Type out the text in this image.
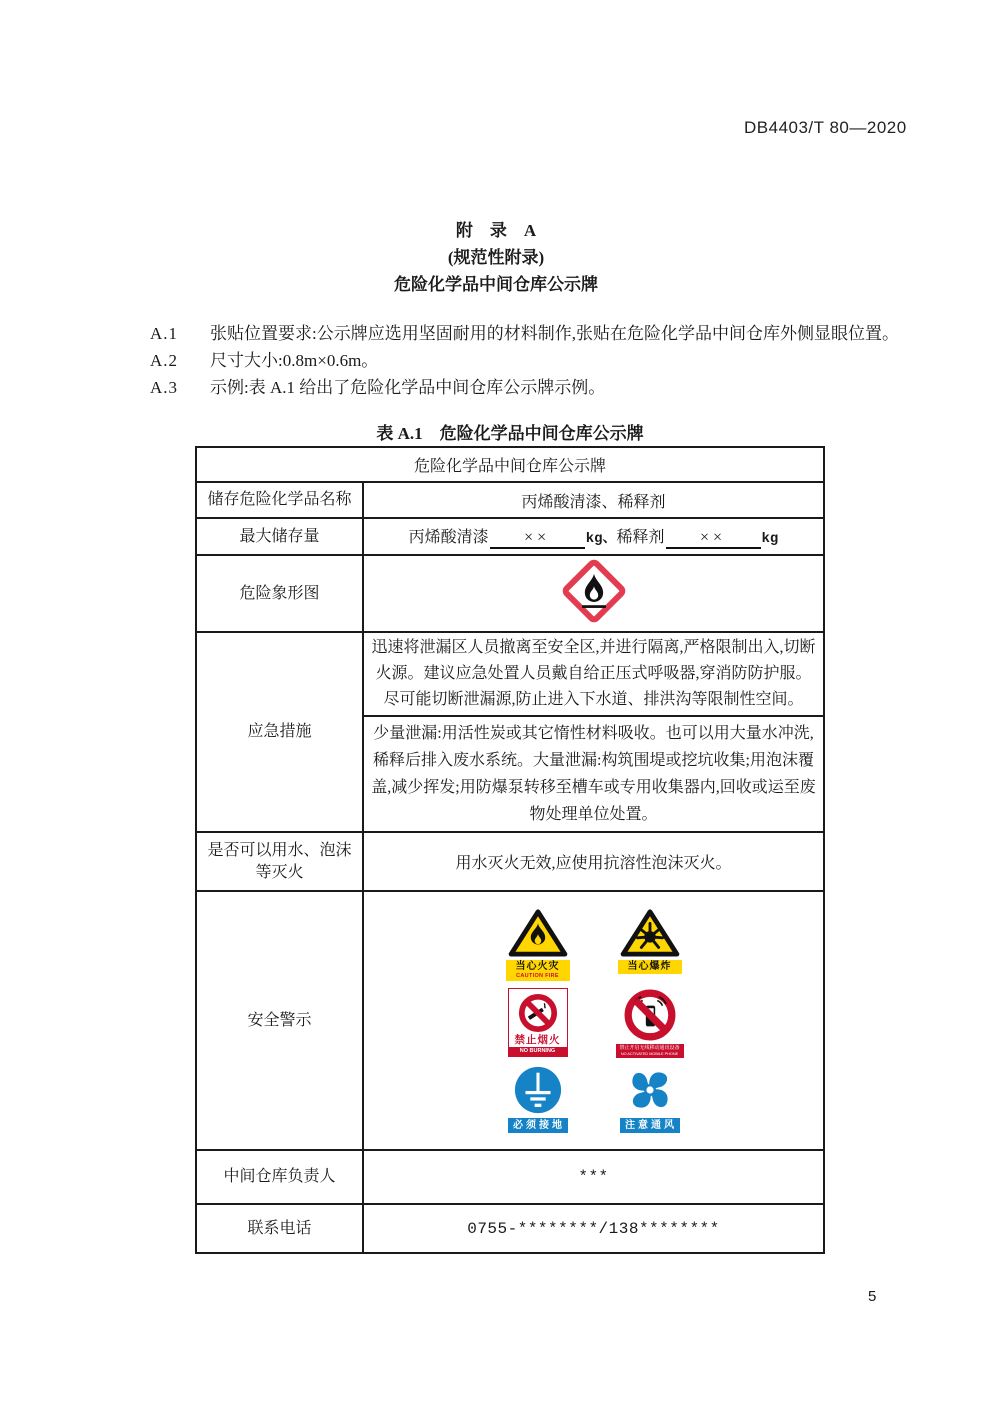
DB4403/T 80—2020
附　录　A
(规范性附录)
危险化学品中间仓库公示牌

A.1 张贴位置要求:公示牌应选用坚固耐用的材料制作,张贴在危险化学品中间仓库外侧显眼位置。

A.2 尺寸大小:0.8m×0.6m。

A.3 示例:表 A.1 给出了危险化学品中间仓库公示牌示例。

表 A.1　危险化学品中间仓库公示牌
危险化学品中间仓库公示牌	
储存危险化学品名称	丙烯酸清漆、稀释剂
最大储存量	丙烯酸清漆 ×× kg、稀释剂 ×× kg
危险象形图	
应急措施	迅速将泄漏区人员撤离至安全区,并进行隔离,严格限制出入,切断火源。建议应急处置人员戴自给正压式呼吸器,穿消防防护服。尽可能切断泄漏源,防止进入下水道、排洪沟等限制性空间。
	少量泄漏:用活性炭或其它惰性材料吸收。也可以用大量水冲洗,稀释后排入废水系统。大量泄漏:构筑围堤或挖坑收集;用泡沫覆盖,减少挥发;用防爆泵转移至槽车或专用收集器内,回收或运至废物处理单位处置。
是否可以用水、泡沫等灭火	用水灭火无效,应使用抗溶性泡沫灭火。
安全警示	
当心火灾
CAUTION FIRE
当心爆炸
禁止烟火
NO BURNING	禁止开启无线移动通讯设备
NO ACTIVATED MOBILE PHONE
必须接地	注意通风

中间仓库负责人	***
联系电话	0755-********/138********
5
